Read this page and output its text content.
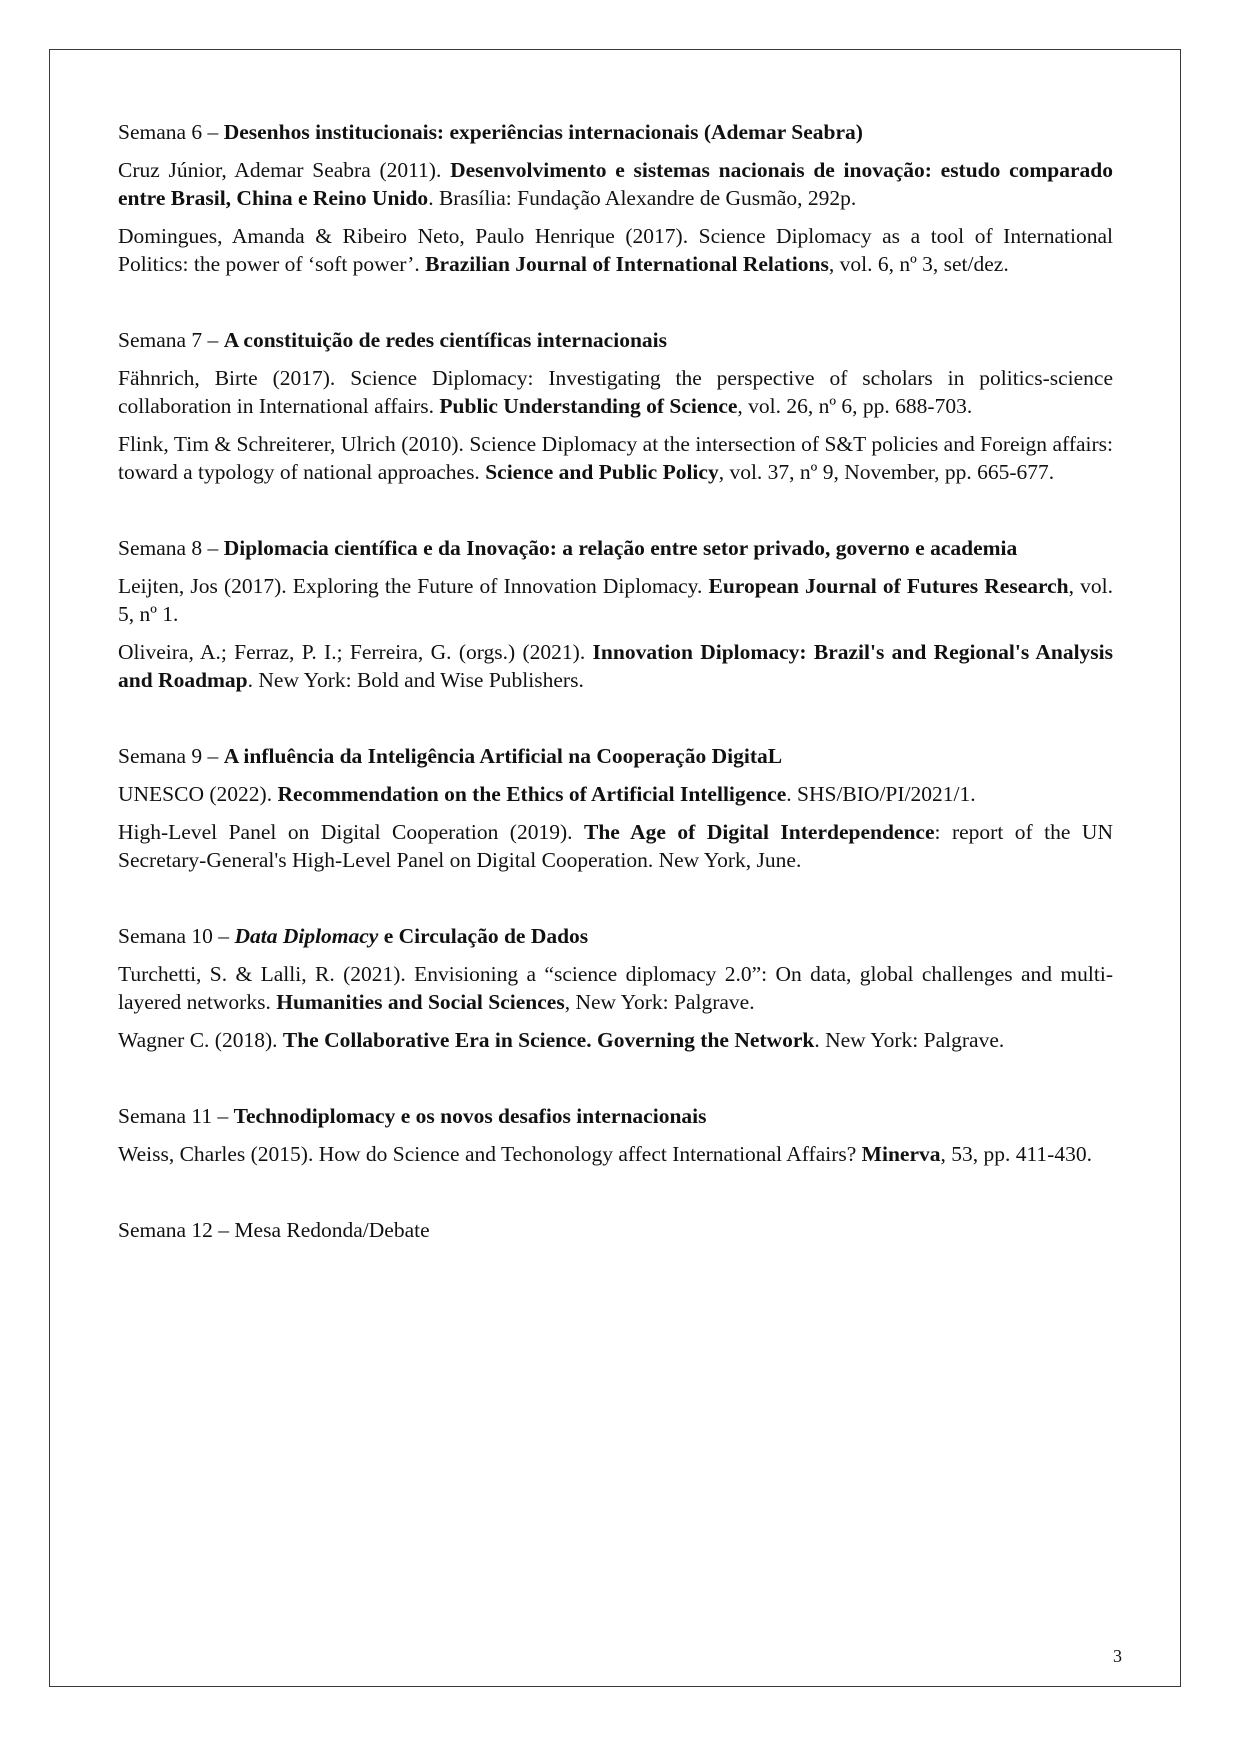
Semana 6 – Desenhos institucionais: experiências internacionais (Ademar Seabra)

Cruz Júnior, Ademar Seabra (2011). Desenvolvimento e sistemas nacionais de inovação: estudo comparado entre Brasil, China e Reino Unido. Brasília: Fundação Alexandre de Gusmão, 292p.

Domingues, Amanda & Ribeiro Neto, Paulo Henrique (2017). Science Diplomacy as a tool of International Politics: the power of ‘soft power’. Brazilian Journal of International Relations, vol. 6, nº 3, set/dez.

Semana 7 – A constituição de redes científicas internacionais

Fähnrich, Birte (2017). Science Diplomacy: Investigating the perspective of scholars in politics-science collaboration in International affairs. Public Understanding of Science, vol. 26, nº 6, pp. 688-703.

Flink, Tim & Schreiterer, Ulrich (2010). Science Diplomacy at the intersection of S&T policies and Foreign affairs: toward a typology of national approaches. Science and Public Policy, vol. 37, nº 9, November, pp. 665-677.

Semana 8 – Diplomacia científica e da Inovação: a relação entre setor privado, governo e academia

Leijten, Jos (2017). Exploring the Future of Innovation Diplomacy. European Journal of Futures Research, vol. 5, nº 1.

Oliveira, A.; Ferraz, P. I.; Ferreira, G. (orgs.) (2021). Innovation Diplomacy: Brazil's and Regional's Analysis and Roadmap. New York: Bold and Wise Publishers.

Semana 9 – A influência da Inteligência Artificial na Cooperação DigitaL

UNESCO (2022). Recommendation on the Ethics of Artificial Intelligence. SHS/BIO/PI/2021/1.

High-Level Panel on Digital Cooperation (2019). The Age of Digital Interdependence: report of the UN Secretary-General's High-Level Panel on Digital Cooperation. New York, June.

Semana 10 – Data Diplomacy e Circulação de Dados

Turchetti, S. & Lalli, R. (2021). Envisioning a “science diplomacy 2.0”: On data, global challenges and multi-layered networks. Humanities and Social Sciences, New York: Palgrave.

Wagner C. (2018). The Collaborative Era in Science. Governing the Network. New York: Palgrave.

Semana 11 – Technodiplomacy e os novos desafios internacionais

Weiss, Charles (2015). How do Science and Techonology affect International Affairs? Minerva, 53, pp. 411-430.

Semana 12 – Mesa Redonda/Debate

3
